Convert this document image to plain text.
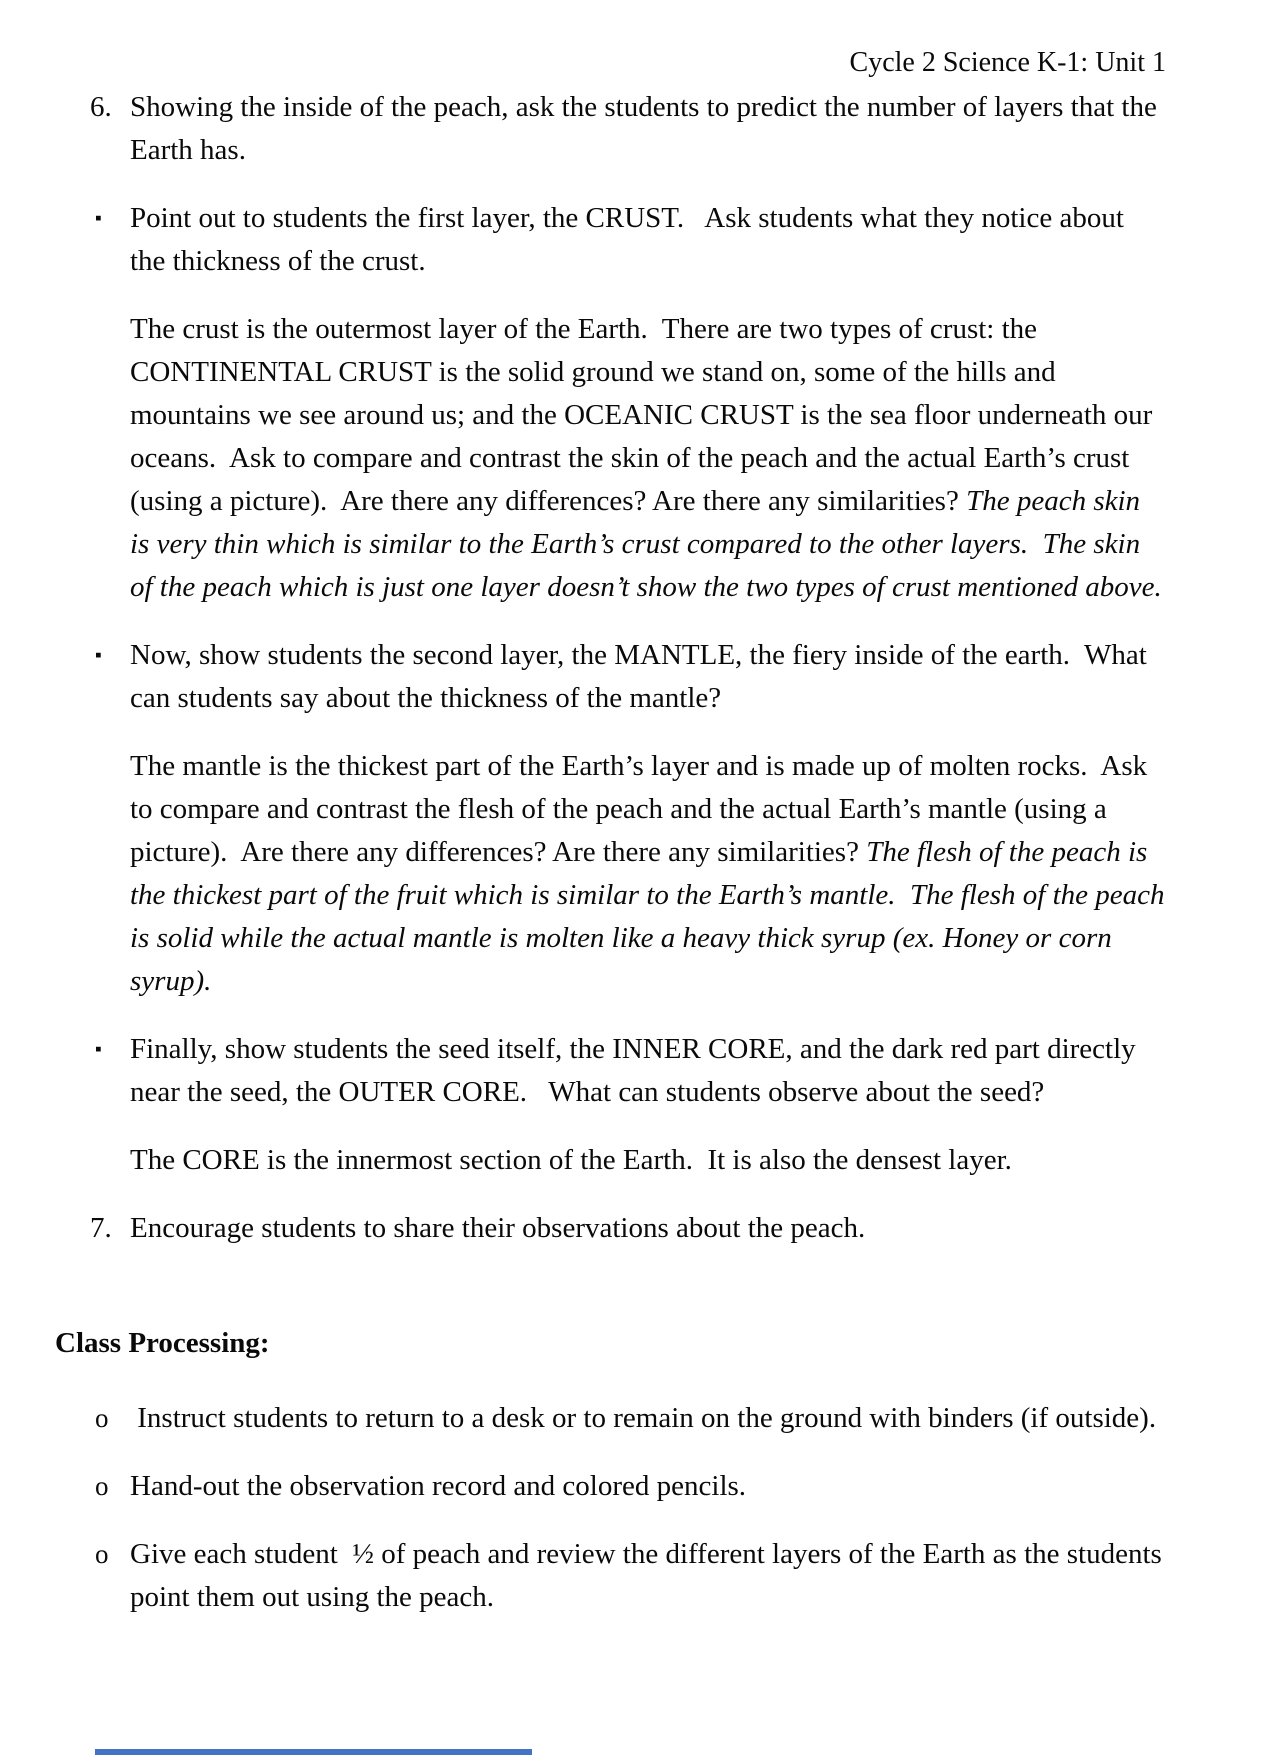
Cycle 2 Science K-1: Unit 1
6. Showing the inside of the peach, ask the students to predict the number of layers that the Earth has.
▪ Point out to students the first layer, the CRUST.   Ask students what they notice about the thickness of the crust.
The crust is the outermost layer of the Earth.  There are two types of crust: the CONTINENTAL CRUST is the solid ground we stand on, some of the hills and mountains we see around us; and the OCEANIC CRUST is the sea floor underneath our oceans.  Ask to compare and contrast the skin of the peach and the actual Earth’s crust (using a picture).  Are there any differences? Are there any similarities? The peach skin is very thin which is similar to the Earth’s crust compared to the other layers.  The skin of the peach which is just one layer doesn’t show the two types of crust mentioned above.
▪ Now, show students the second layer, the MANTLE, the fiery inside of the earth.  What can students say about the thickness of the mantle?
The mantle is the thickest part of the Earth’s layer and is made up of molten rocks.  Ask to compare and contrast the flesh of the peach and the actual Earth’s mantle (using a picture).  Are there any differences? Are there any similarities? The flesh of the peach is the thickest part of the fruit which is similar to the Earth’s mantle.  The flesh of the peach is solid while the actual mantle is molten like a heavy thick syrup (ex. Honey or corn syrup).
▪ Finally, show students the seed itself, the INNER CORE, and the dark red part directly near the seed, the OUTER CORE.   What can students observe about the seed?
The CORE is the innermost section of the Earth.  It is also the densest layer.
7. Encourage students to share their observations about the peach.
Class Processing:
o Instruct students to return to a desk or to remain on the ground with binders (if outside).
o Hand-out the observation record and colored pencils.
o Give each student  ½ of peach and review the different layers of the Earth as the students point them out using the peach.
